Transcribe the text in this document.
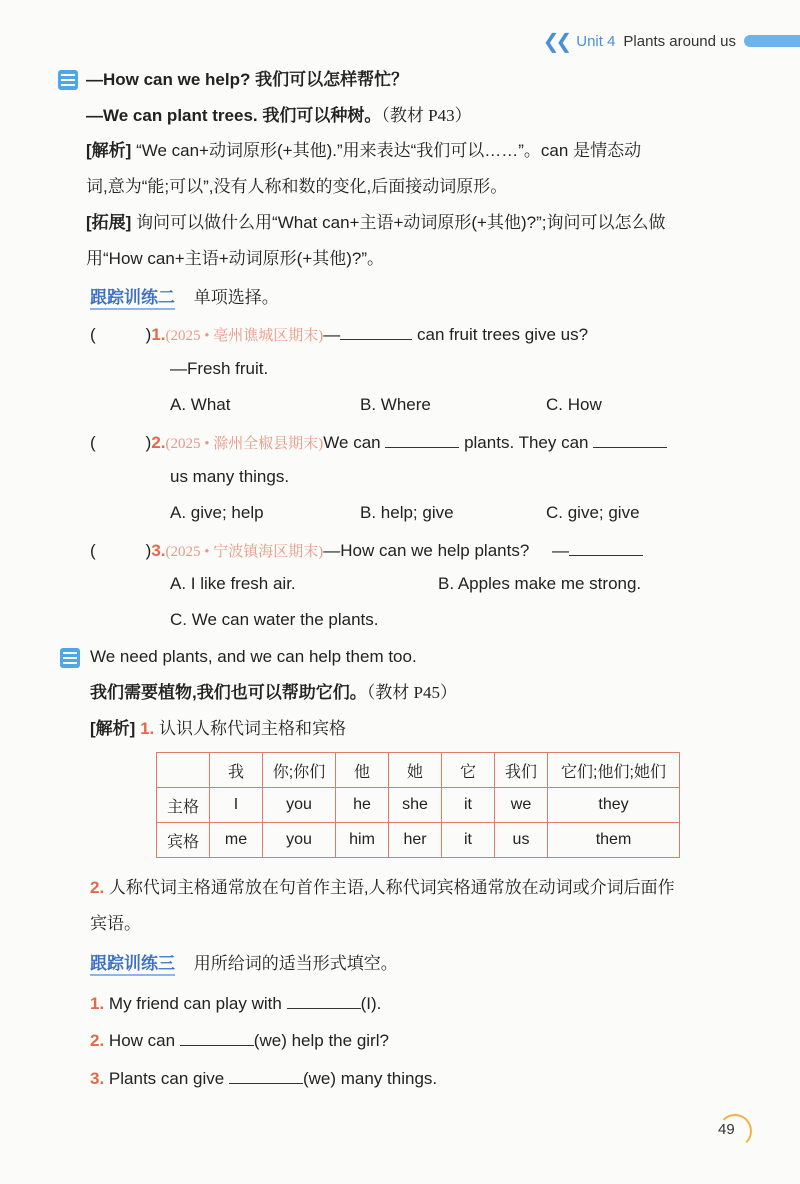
❮❮ Unit 4 Plants around us
—How can we help? 我们可以怎样帮忙？
—We can plant trees. 我们可以种树。（教材 P43）
[解析] “We can+动词原形(+其他).”用来表达“我们可以……”。can 是情态动
词,意为“能;可以”,没有人称和数的变化,后面接动词原形。
[拓展] 询问可以做什么用“What can+主语+动词原形(+其他)?”;询问可以怎么做
用“How can+主语+动词原形(+其他)?”。
跟踪训练二 单项选择。
(	)1.(2025 • 亳州谯城区期末)—	can fruit trees give us?
—Fresh fruit.
A. What	B. Where	C. How
(	)2.(2025 • 滁州全椒县期末)We can	plants. They can
us many things.
A. give; help	B. help; give	C. give; give
(	)3.(2025 • 宁波镇海区期末)—How can we help plants? —
A. I like fresh air.	B. Apples make me strong.
C. We can water the plants.
We need plants, and we can help them too.
我们需要植物,我们也可以帮助它们。（教材 P45）
[解析] 1. 认识人称代词主格和宾格
	我	你;你们	他	她	它	我们	它们;他们;她们
主格	I	you	he	she	it	we	they
宾格	me	you	him	her	it	us	them
2. 人称代词主格通常放在句首作主语,人称代词宾格通常放在动词或介词后面作
宾语。
跟踪训练三 用所给词的适当形式填空。
1. My friend can play with	(I).
2. How can	(we) help the girl?
3. Plants can give	(we) many things.
49
